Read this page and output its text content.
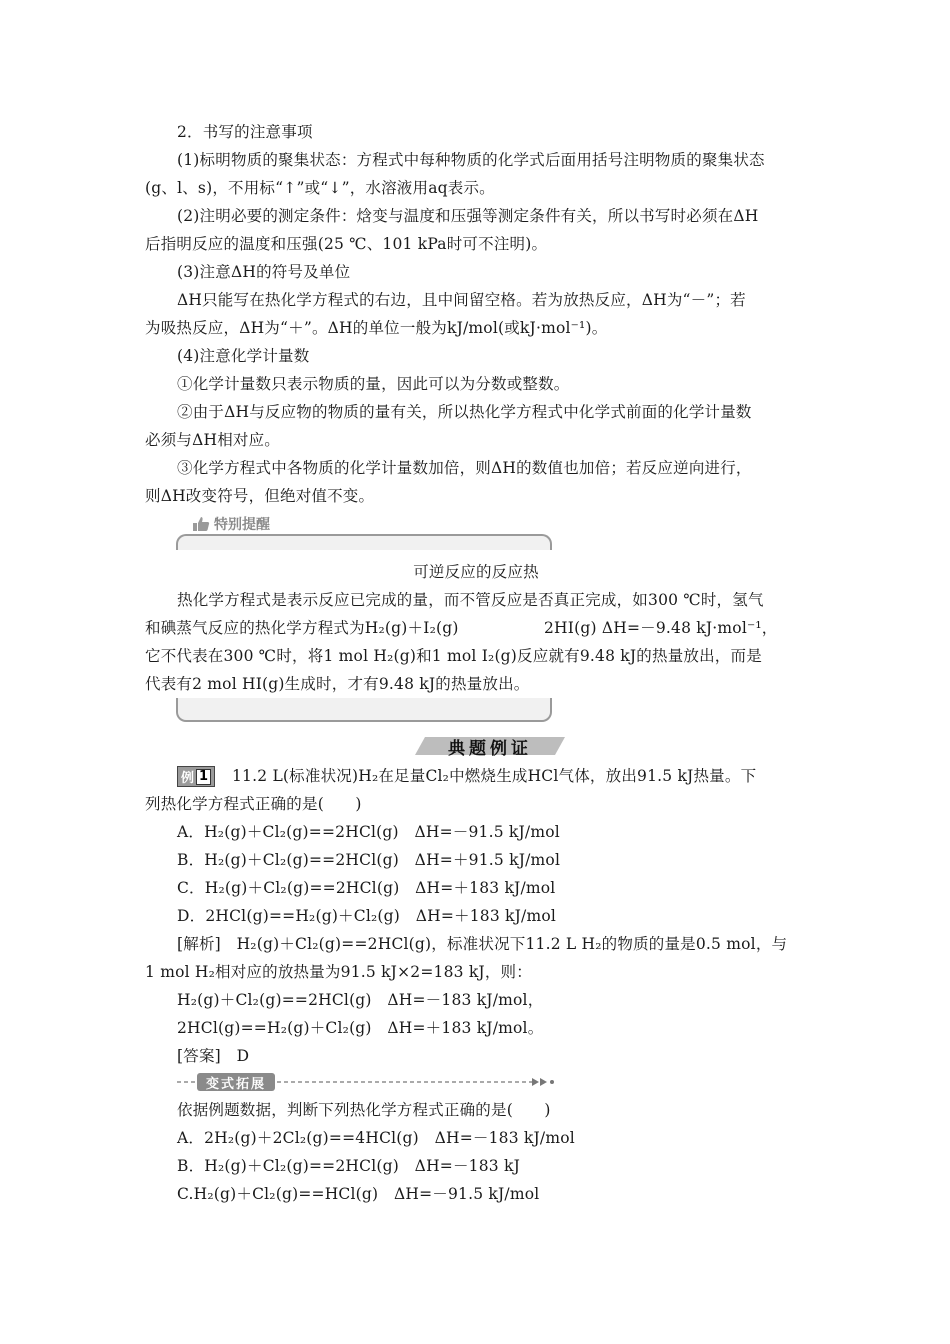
2．书写的注意事项
(1)标明物质的聚集状态：方程式中每种物质的化学式后面用括号注明物质的聚集状态
(g、l、s)，不用标“↑”或“↓”，水溶液用aq表示。
(2)注明必要的测定条件：焓变与温度和压强等测定条件有关，所以书写时必须在ΔH
后指明反应的温度和压强(25 ℃、101 kPa时可不注明)。
(3)注意ΔH的符号及单位
ΔH只能写在热化学方程式的右边，且中间留空格。若为放热反应，ΔH为“－”；若
为吸热反应，ΔH为“＋”。ΔH的单位一般为kJ/mol(或kJ·mol⁻¹)。
(4)注意化学计量数
①化学计量数只表示物质的量，因此可以为分数或整数。
②由于ΔH与反应物的物质的量有关，所以热化学方程式中化学式前面的化学计量数
必须与ΔH相对应。
③化学方程式中各物质的化学计量数加倍，则ΔH的数值也加倍；若反应逆向进行，
则ΔH改变符号，但绝对值不变。
特别提醒
可逆反应的反应热
热化学方程式是表示反应已完成的量，而不管反应是否真正完成，如300 ℃时，氢气
和碘蒸气反应的热化学方程式为H₂(g)＋I₂(g)	2HI(g) ΔH=－9.48 kJ·mol⁻¹，
它不代表在300 ℃时，将1 mol H₂(g)和1 mol I₂(g)反应就有9.48 kJ的热量放出，而是
代表有2 mol HI(g)生成时，才有9.48 kJ的热量放出。
典题例证
例 1 11.2 L(标准状况)H₂在足量Cl₂中燃烧生成HCl气体，放出91.5 kJ热量。下
列热化学方程式正确的是(　　)
A．H₂(g)＋Cl₂(g)==2HCl(g)　ΔH=－91.5 kJ/mol
B．H₂(g)＋Cl₂(g)==2HCl(g)　ΔH=＋91.5 kJ/mol
C．H₂(g)＋Cl₂(g)==2HCl(g)　ΔH=＋183 kJ/mol
D．2HCl(g)==H₂(g)＋Cl₂(g)　ΔH=＋183 kJ/mol
[解析]　H₂(g)＋Cl₂(g)==2HCl(g)，标准状况下11.2 L H₂的物质的量是0.5 mol，与
1 mol H₂相对应的放热量为91.5 kJ×2=183 kJ，则：
H₂(g)＋Cl₂(g)==2HCl(g)　ΔH=－183 kJ/mol，
2HCl(g)==H₂(g)＋Cl₂(g)　ΔH=＋183 kJ/mol。
[答案]　D
变式拓展
依据例题数据，判断下列热化学方程式正确的是(　　)
A．2H₂(g)＋2Cl₂(g)==4HCl(g)　ΔH=－183 kJ/mol
B．H₂(g)＋Cl₂(g)==2HCl(g)　ΔH=－183 kJ
C.H₂(g)＋Cl₂(g)==HCl(g)　ΔH=－91.5 kJ/mol
